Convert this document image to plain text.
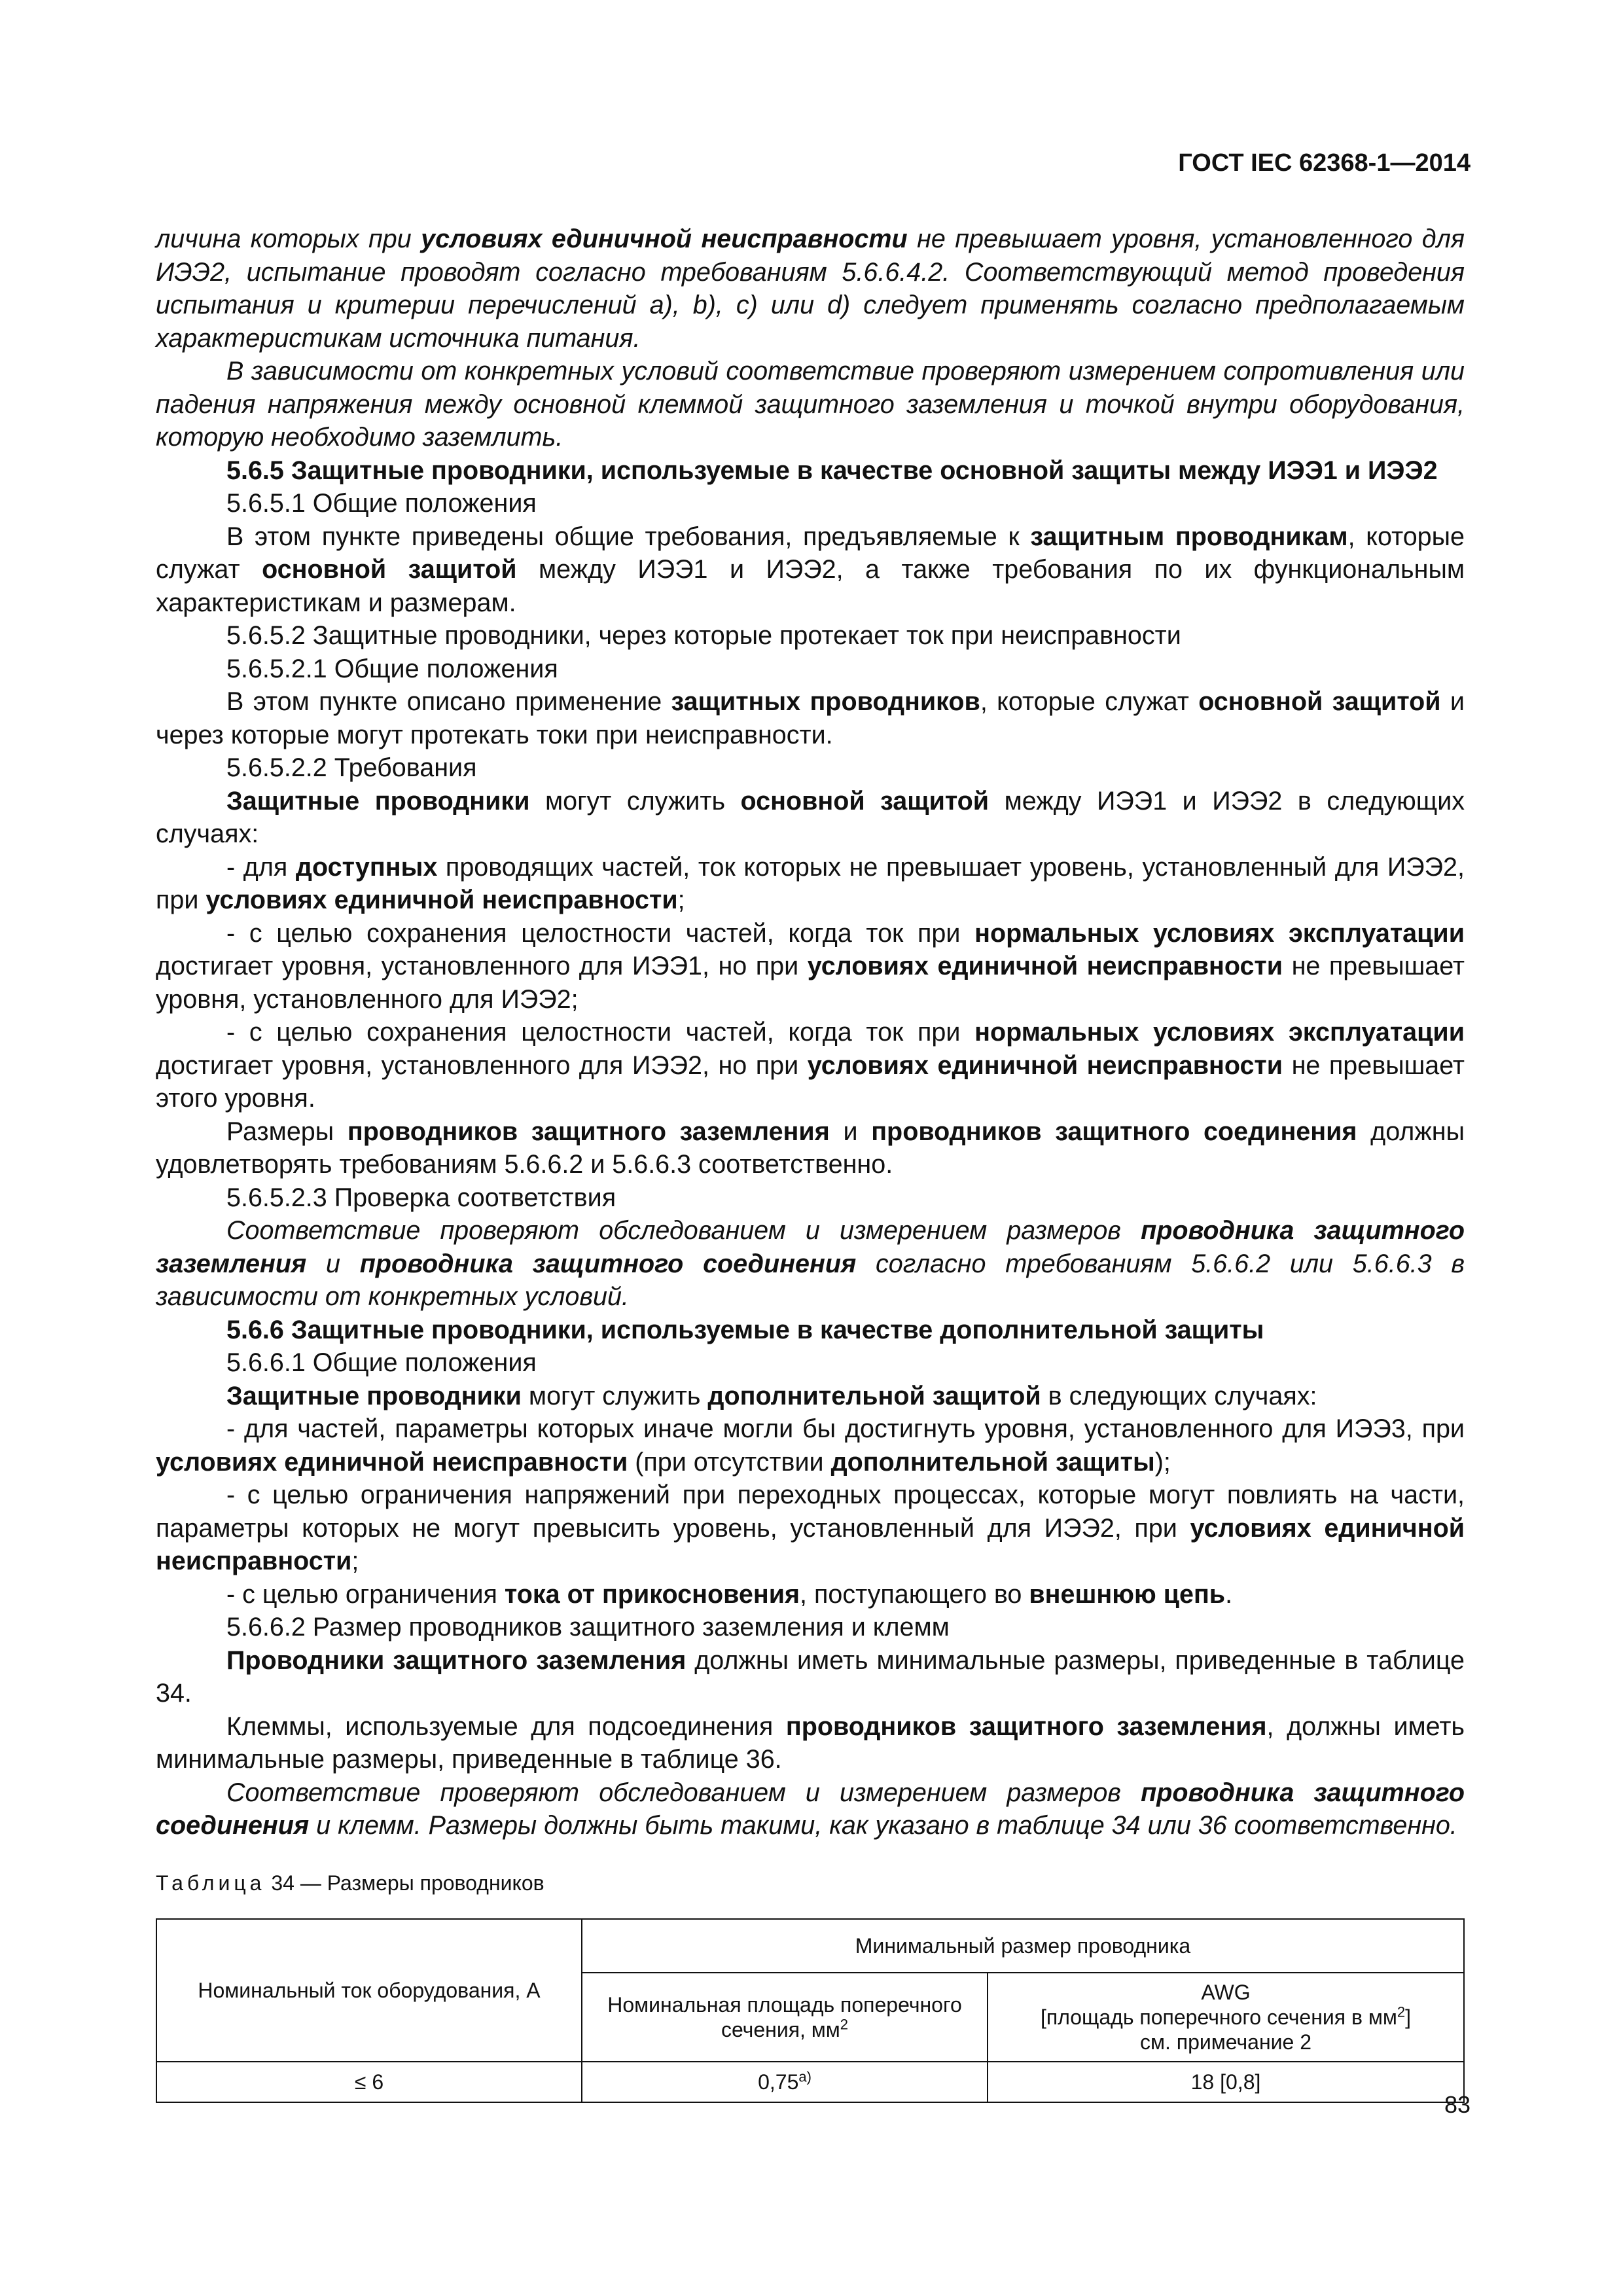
ГОСТ IEC 62368-1—2014

личина которых при условиях единичной неисправности не превышает уровня, установленного для ИЭЭ2, испытание проводят согласно требованиям 5.6.6.4.2. Соответствующий метод проведения испытания и критерии перечислений а), b), с) или d) следует применять согласно предполагаемым характеристикам источника питания.

В зависимости от конкретных условий соответствие проверяют измерением сопротивления или падения напряжения между основной клеммой защитного заземления и точкой внутри оборудования, которую необходимо заземлить.

5.6.5 Защитные проводники, используемые в качестве основной защиты между ИЭЭ1 и ИЭЭ2

5.6.5.1 Общие положения

В этом пункте приведены общие требования, предъявляемые к защитным проводникам, которые служат основной защитой между ИЭЭ1 и ИЭЭ2, а также требования по их функциональным характеристикам и размерам.

5.6.5.2 Защитные проводники, через которые протекает ток при неисправности

5.6.5.2.1 Общие положения

В этом пункте описано применение защитных проводников, которые служат основной защитой и через которые могут протекать токи при неисправности.

5.6.5.2.2 Требования

Защитные проводники могут служить основной защитой между ИЭЭ1 и ИЭЭ2 в следующих случаях:

- для доступных проводящих частей, ток которых не превышает уровень, установленный для ИЭЭ2, при условиях единичной неисправности;

- с целью сохранения целостности частей, когда ток при нормальных условиях эксплуатации достигает уровня, установленного для ИЭЭ1, но при условиях единичной неисправности не превышает уровня, установленного для ИЭЭ2;

- с целью сохранения целостности частей, когда ток при нормальных условиях эксплуатации достигает уровня, установленного для ИЭЭ2, но при условиях единичной неисправности не превышает этого уровня.

Размеры проводников защитного заземления и проводников защитного соединения должны удовлетворять требованиям 5.6.6.2 и 5.6.6.3 соответственно.

5.6.5.2.3 Проверка соответствия

Соответствие проверяют обследованием и измерением размеров проводника защитного заземления и проводника защитного соединения согласно требованиям 5.6.6.2 или 5.6.6.3 в зависимости от конкретных условий.

5.6.6 Защитные проводники, используемые в качестве дополнительной защиты

5.6.6.1 Общие положения

Защитные проводники могут служить дополнительной защитой в следующих случаях:

- для частей, параметры которых иначе могли бы достигнуть уровня, установленного для ИЭЭ3, при условиях единичной неисправности (при отсутствии дополнительной защиты);

- с целью ограничения напряжений при переходных процессах, которые могут повлиять на части, параметры которых не могут превысить уровень, установленный для ИЭЭ2, при условиях единичной неисправности;

- с целью ограничения тока от прикосновения, поступающего во внешнюю цепь.

5.6.6.2 Размер проводников защитного заземления и клемм

Проводники защитного заземления должны иметь минимальные размеры, приведенные в таблице 34.

Клеммы, используемые для подсоединения проводников защитного заземления, должны иметь минимальные размеры, приведенные в таблице 36.

Соответствие проверяют обследованием и измерением размеров проводника защитного соединения и клемм. Размеры должны быть такими, как указано в таблице 34 или 36 соответственно.

Таблица 34 — Размеры проводников
Номинальный ток оборудования, А	Минимальный размер проводника	
	Номинальная площадь поперечного сечения, $мм^2$	AWG
[площадь поперечного сечения в $мм^2$]
см. примечание 2

≤ 6	$0,75^{а)}$	18 [0,8]
83
